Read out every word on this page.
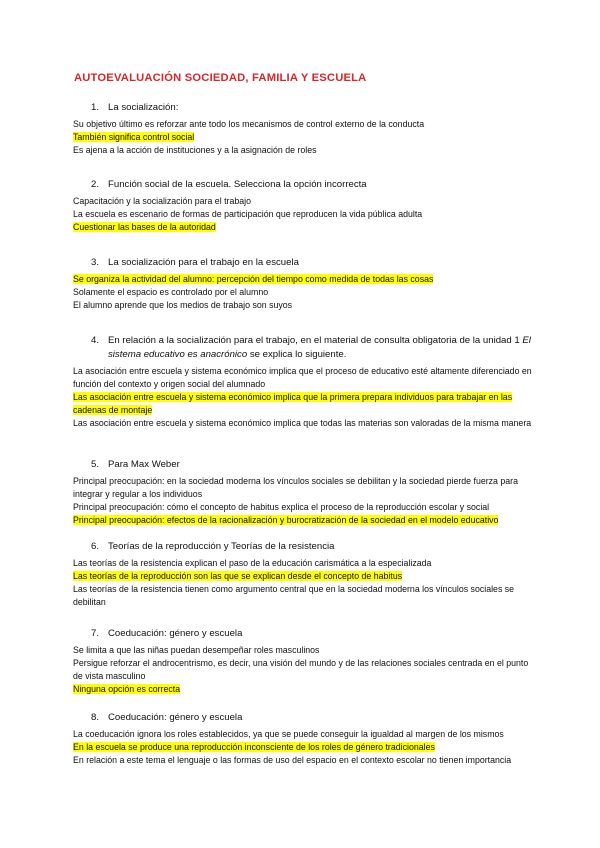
AUTOEVALUACIÓN SOCIEDAD, FAMILIA Y ESCUELA
1. La socialización:
Su objetivo último es reforzar ante todo los mecanismos de control externo de la conducta
También significa control social
Es ajena a la acción de instituciones y a la asignación de roles
2. Función social de la escuela. Selecciona la opción incorrecta
Capacitación y la socialización para el trabajo
La escuela es escenario de formas de participación que reproducen la vida pública adulta
Cuestionar las bases de la autoridad
3. La socialización para el trabajo en la escuela
Se organiza la actividad del alumno: percepción del tiempo como medida de todas las cosas
Solamente el espacio es controlado por el alumno
El alumno aprende que los medios de trabajo son suyos
4. En relación a la socialización para el trabajo, en el material de consulta obligatoria de la unidad 1 El sistema educativo es anacrónico se explica lo siguiente.
La asociación entre escuela y sistema económico implica que el proceso de educativo esté altamente diferenciado en función del contexto y origen social del alumnado
Las asociación entre escuela y sistema económico implica que la primera prepara individuos para trabajar en las cadenas de montaje
Las asociación entre escuela y sistema económico implica que todas las materias son valoradas de la misma manera
5. Para Max Weber
Principal preocupación: en la sociedad moderna los vínculos sociales se debilitan y la sociedad pierde fuerza para integrar y regular a los individuos
Principal preocupación: cómo el concepto de habitus explica el proceso de la reproducción escolar y social
Principal preocupación: efectos de la racionalización y burocratización de la sociedad en el modelo educativo
6. Teorías de la reproducción y Teorías de la resistencia
Las teorías de la resistencia explican el paso de la educación carismática a la especializada
Las teorías de la reproducción son las que se explican desde el concepto de habitus
Las teorías de la resistencia tienen como argumento central que en la sociedad moderna los vínculos sociales se debilitan
7. Coeducación: género y escuela
Se limita a que las niñas puedan desempeñar roles masculinos
Persigue reforzar el androcentrismo, es decir, una visión del mundo y de las relaciones sociales centrada en el punto de vista masculino
Ninguna opción es correcta
8. Coeducación: género y escuela
La coeducación ignora los roles establecidos, ya que se puede conseguir la igualdad al margen de los mismos
En la escuela se produce una reproducción inconsciente de los roles de género tradicionales
En relación a este tema el lenguaje o las formas de uso del espacio en el contexto escolar no tienen importancia
